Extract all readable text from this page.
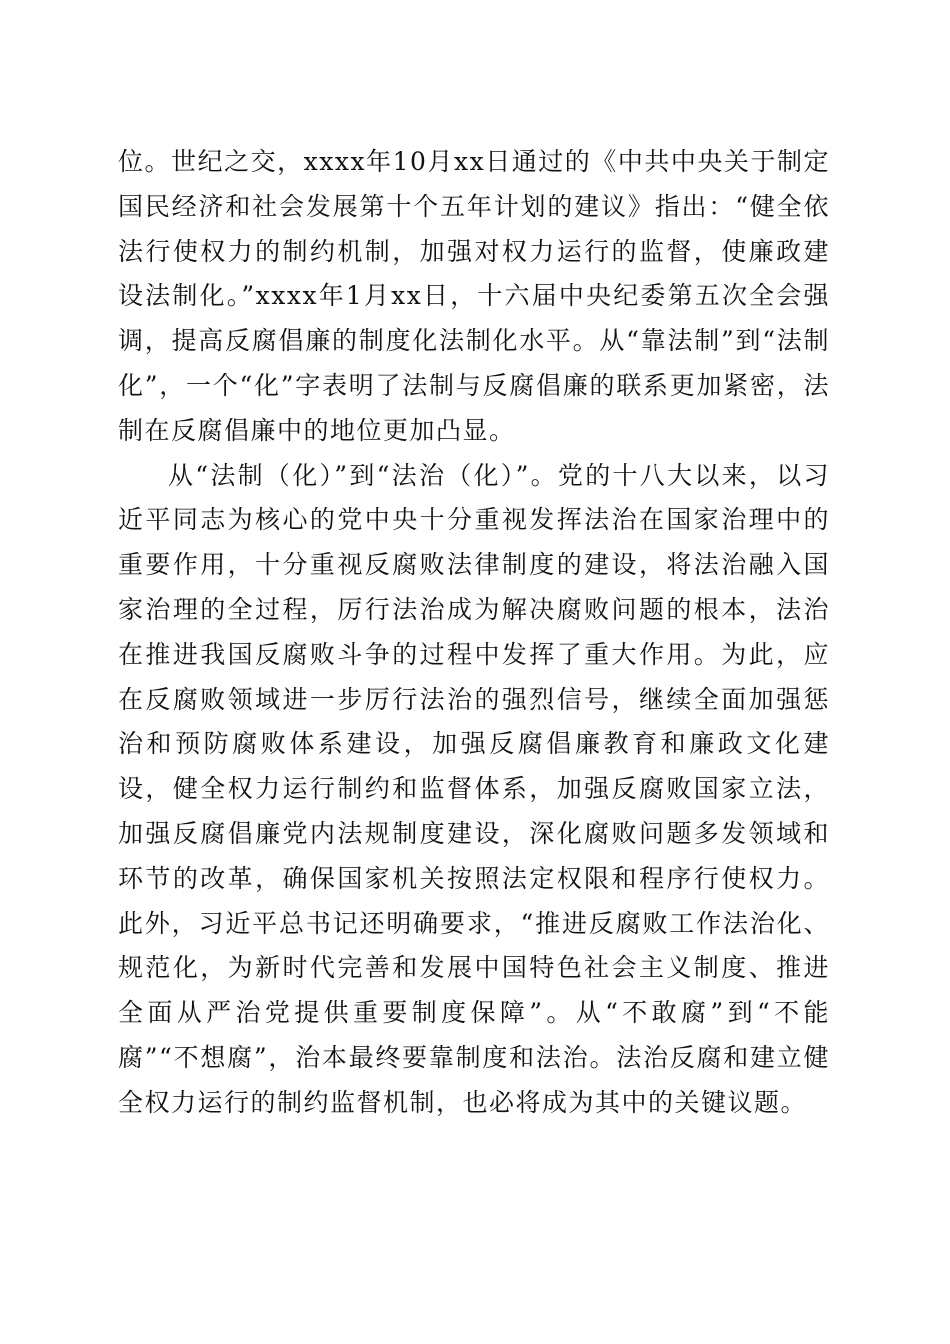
位。世纪之交，xxxx年10月xx日通过的《中共中央关于制定国民经济和社会发展第十个五年计划的建议》指出：“健全依法行使权力的制约机制，加强对权力运行的监督，使廉政建设法制化。”xxxx年1月xx日，十六届中央纪委第五次全会强调，提高反腐倡廉的制度化法制化水平。从“靠法制”到“法制化”，一个“化”字表明了法制与反腐倡廉的联系更加紧密，法制在反腐倡廉中的地位更加凸显。

从“法制（化）”到“法治（化）”。党的十八大以来，以习近平同志为核心的党中央十分重视发挥法治在国家治理中的重要作用，十分重视反腐败法律制度的建设，将法治融入国家治理的全过程，厉行法治成为解决腐败问题的根本，法治在推进我国反腐败斗争的过程中发挥了重大作用。为此，应在反腐败领域进一步厉行法治的强烈信号，继续全面加强惩治和预防腐败体系建设，加强反腐倡廉教育和廉政文化建设，健全权力运行制约和监督体系，加强反腐败国家立法，加强反腐倡廉党内法规制度建设，深化腐败问题多发领域和环节的改革，确保国家机关按照法定权限和程序行使权力。此外，习近平总书记还明确要求，“推进反腐败工作法治化、规范化，为新时代完善和发展中国特色社会主义制度、推进全面从严治党提供重要制度保障”。从“不敢腐”到“不能腐”“不想腐”，治本最终要靠制度和法治。法治反腐和建立健全权力运行的制约监督机制，也必将成为其中的关键议题。
